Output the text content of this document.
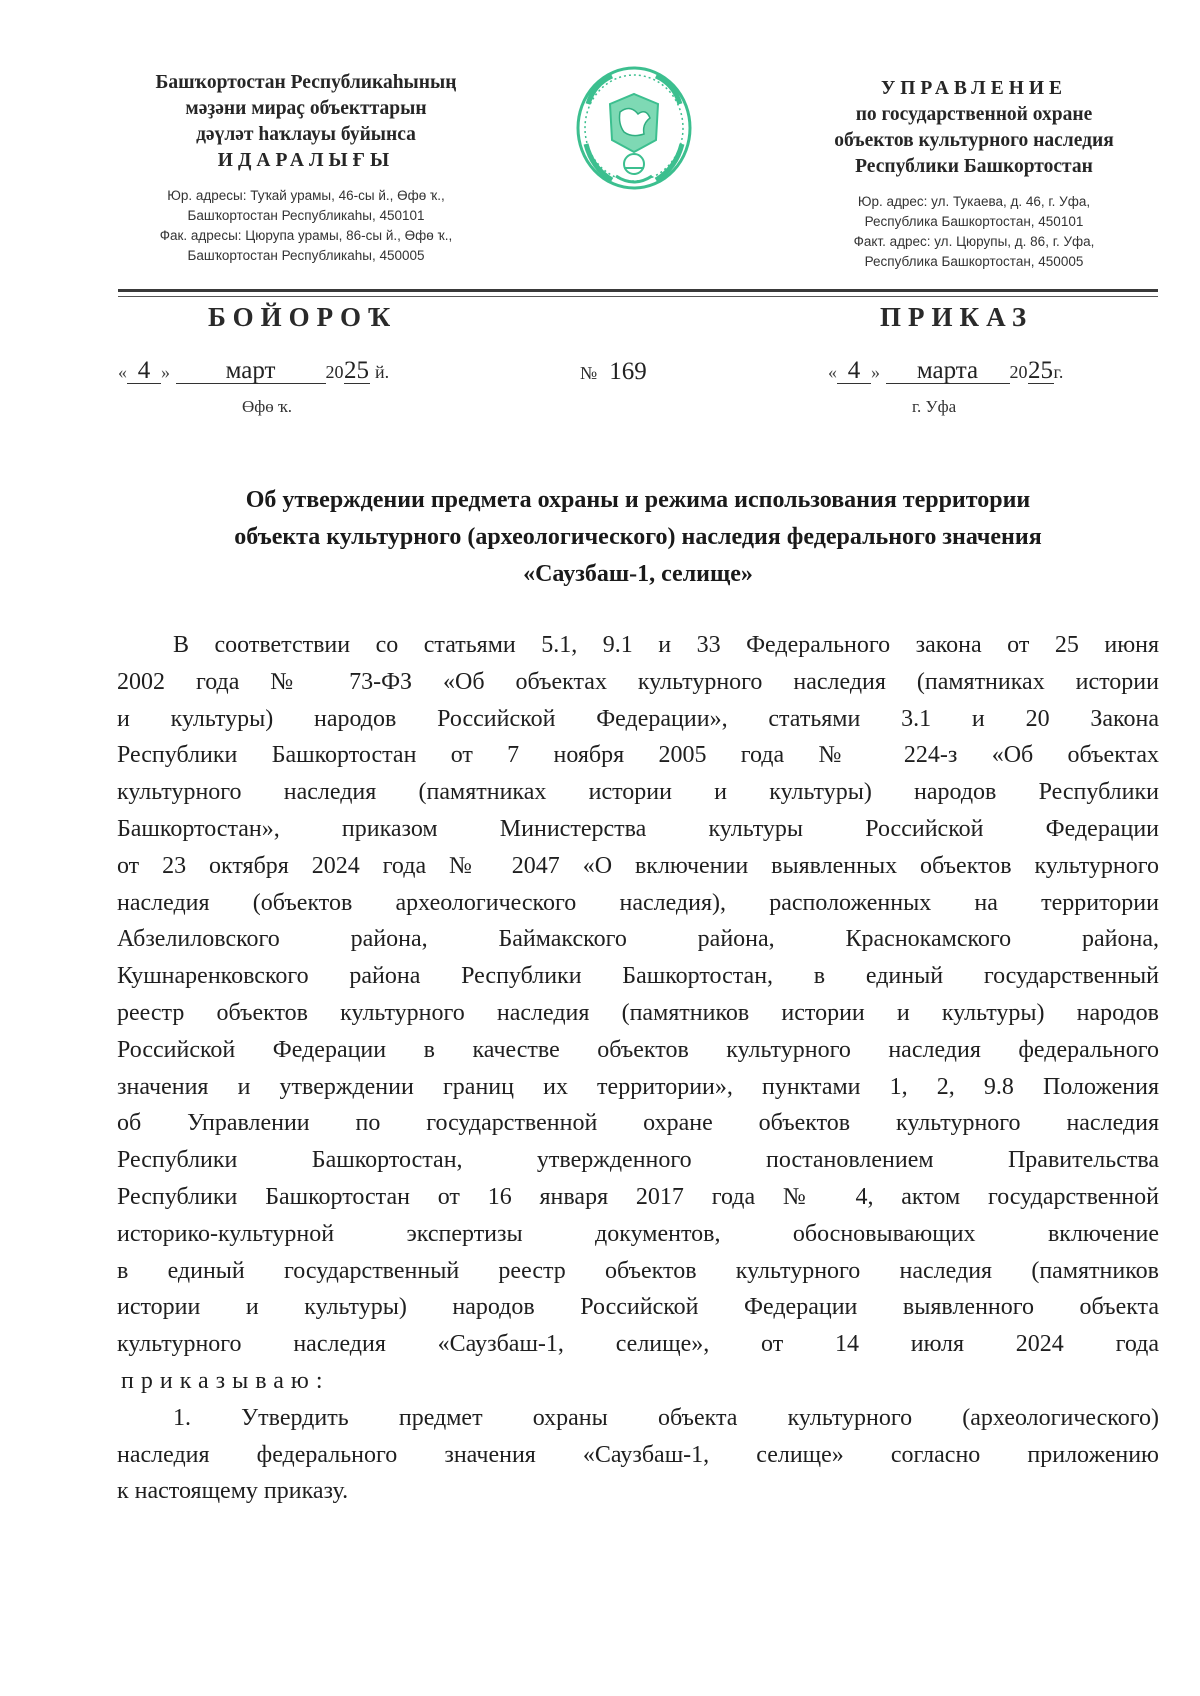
Башҡортостан Республикаһының
мәҙәни мираҫ объекттарын
дәүләт һаҡлауы буйынса
ИДАРАЛЫҒЫ
Юр. адресы: Туҡай урамы, 46-сы й., Өфө ҡ.,
Башҡортостан Республикаһы, 450101
Фак. адресы: Цюрупа урамы, 86-сы й., Өфө ҡ.,
Башҡортостан Республикаһы, 450005
УПРАВЛЕНИЕ
по государственной охране
объектов культурного наследия
Республики Башкортостан
Юр. адрес: ул. Тукаева, д. 46, г. Уфа,
Республика Башкортостан, 450101
Факт. адрес: ул. Цюрупы, д. 86, г. Уфа,
Республика Башкортостан, 450005
БОЙОРОҠ	ПРИКАЗ
« 4 » март	2025 й.
Өфө ҡ.
№ 169	« 4 » марта 2025г.
г. Уфа
Об утверждении предмета охраны и режима использования территории
объекта культурного (археологического) наследия федерального значения
«Саузбаш-1, селище»
В соответствии со статьями 5.1, 9.1 и 33 Федерального закона от 25 июня
2002 года № 73-ФЗ «Об объектах культурного наследия (памятниках истории
и культуры) народов Российской Федерации», статьями 3.1 и 20 Закона
Республики Башкортостан от 7 ноября 2005 года № 224-з «Об объектах
культурного наследия (памятниках истории и культуры) народов Республики
Башкортостан», приказом Министерства культуры Российской Федерации
от 23 октября 2024 года № 2047 «О включении выявленных объектов культурного
наследия (объектов археологического наследия), расположенных на территории
Абзелиловского района, Баймакского района, Краснокамского района,
Кушнаренковского района Республики Башкортостан, в единый государственный
реестр объектов культурного наследия (памятников истории и культуры) народов
Российской Федерации в качестве объектов культурного наследия федерального
значения и утверждении границ их территории», пунктами 1, 2, 9.8 Положения
об Управлении по государственной охране объектов культурного наследия
Республики Башкортостан, утвержденного постановлением Правительства
Республики Башкортостан от 16 января 2017 года № 4, актом государственной
историко-культурной экспертизы документов, обосновывающих включение
в единый государственный реестр объектов культурного наследия (памятников
истории и культуры) народов Российской Федерации выявленного объекта
культурного наследия «Саузбаш-1, селище», от 14 июля 2024 года
приказываю:
1. Утвердить предмет охраны объекта культурного (археологического)
наследия федерального значения «Саузбаш-1, селище» согласно приложению
к настоящему приказу.
